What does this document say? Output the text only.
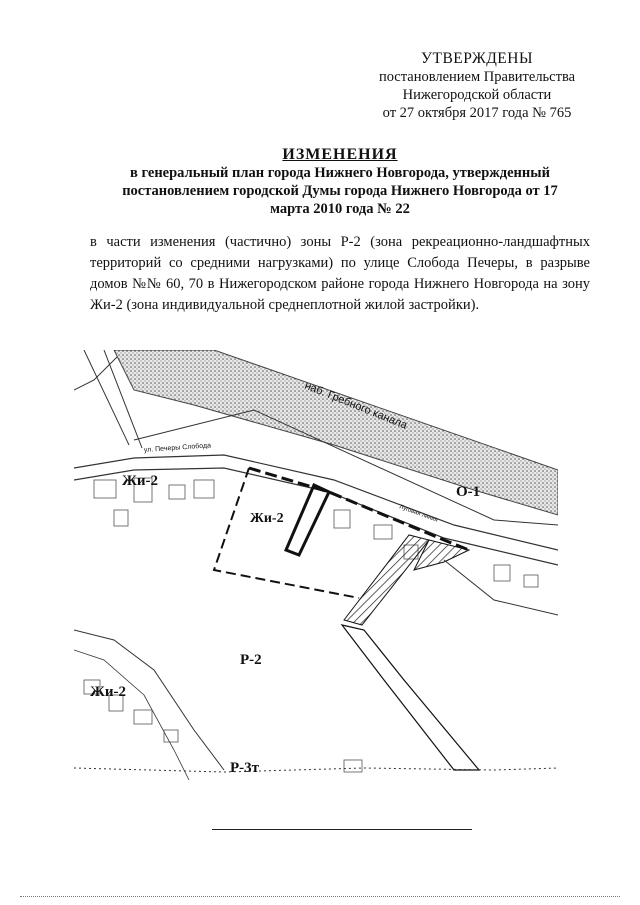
УТВЕРЖДЕНЫ
постановлением Правительства
Нижегородской области
от 27 октября 2017 года № 765
ИЗМЕНЕНИЯ
в генеральный план города Нижнего Новгорода, утвержденный
постановлением городской Думы города Нижнего Новгорода от 17
марта 2010 года № 22
в части изменения (частично) зоны Р-2 (зона рекреационно-ландшафтных территорий со средними нагрузками) по улице Слобода Печеры, в разрыве домов №№ 60, 70 в Нижегородском районе города Нижнего Новгорода на зону Жи-2 (зона индивидуальной среднеплотной жилой застройки).
наб. Гребного канала
ул. Печеры Слобода
Луговая линия
Жи-2
Жи-2
О-1
Р-2
Жи-2
Р-3т
